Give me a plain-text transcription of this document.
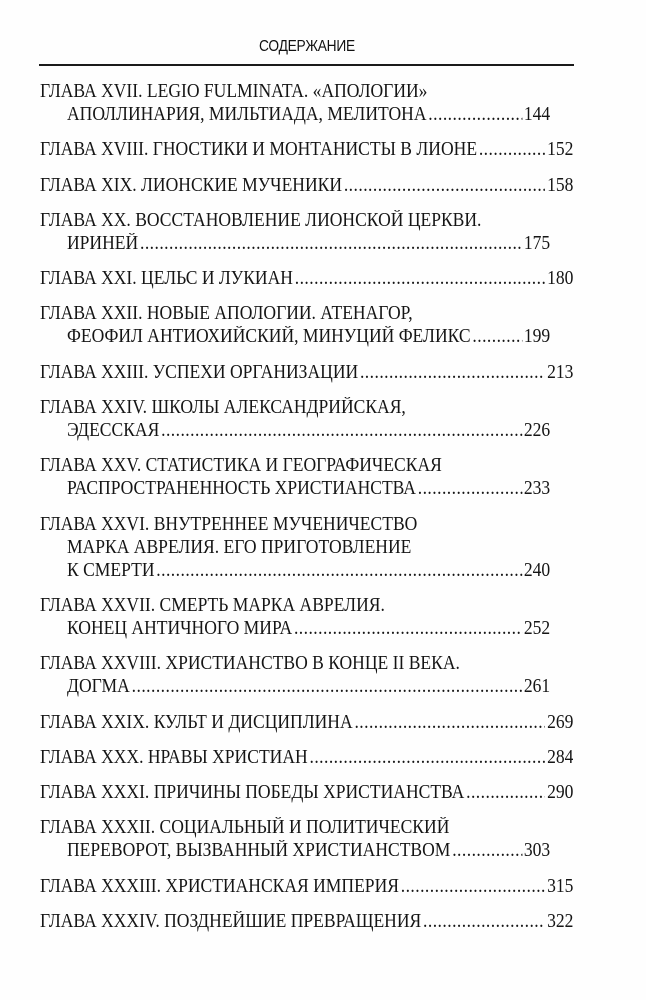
СОДЕРЖАНИЕ
ГЛАВА XVII. LEGIO FULMINATA. «АПОЛОГИИ»
АПОЛЛИНАРИЯ, МИЛЬТИАДА, МЕЛИТОНА .....	144
ГЛАВА XVIII. ГНОСТИКИ И МОНТАНИСТЫ В ЛИОНЕ .....	152
ГЛАВА XIX. ЛИОНСКИЕ МУЧЕНИКИ .....	158
ГЛАВА XX. ВОССТАНОВЛЕНИЕ ЛИОНСКОЙ ЦЕРКВИ.
ИРИНЕЙ .....	175
ГЛАВА XXI. ЦЕЛЬС И ЛУКИАН .....	180
ГЛАВА XXII. НОВЫЕ АПОЛОГИИ. АТЕНАГОР,
ФЕОФИЛ АНТИОХИЙСКИЙ, МИНУЦИЙ ФЕЛИКС .....	199
ГЛАВА XXIII. УСПЕХИ ОРГАНИЗАЦИИ .....	213
ГЛАВА XXIV. ШКОЛЫ АЛЕКСАНДРИЙСКАЯ,
ЭДЕССКАЯ .....	226
ГЛАВА XXV. СТАТИСТИКА И ГЕОГРАФИЧЕСКАЯ
РАСПРОСТРАНЕННОСТЬ ХРИСТИАНСТВА .....	233
ГЛАВА XXVI. ВНУТРЕННЕЕ МУЧЕНИЧЕСТВО
МАРКА АВРЕЛИЯ. ЕГО ПРИГОТОВЛЕНИЕ
К СМЕРТИ .....	240
ГЛАВА XXVII. СМЕРТЬ МАРКА АВРЕЛИЯ.
КОНЕЦ АНТИЧНОГО МИРА .....	252
ГЛАВА XXVIII. ХРИСТИАНСТВО В КОНЦЕ II ВЕКА.
ДОГМА .....	261
ГЛАВА XXIX. КУЛЬТ И ДИСЦИПЛИНА .....	269
ГЛАВА XXX. НРАВЫ ХРИСТИАН .....	284
ГЛАВА XXXI. ПРИЧИНЫ ПОБЕДЫ ХРИСТИАНСТВА .....	290
ГЛАВА XXXII. СОЦИАЛЬНЫЙ И ПОЛИТИЧЕСКИЙ
ПЕРЕВОРОТ, ВЫЗВАННЫЙ ХРИСТИАНСТВОМ .....	303
ГЛАВА XXXIII. ХРИСТИАНСКАЯ ИМПЕРИЯ .....	315
ГЛАВА XXXIV. ПОЗДНЕЙШИЕ ПРЕВРАЩЕНИЯ .....	322
